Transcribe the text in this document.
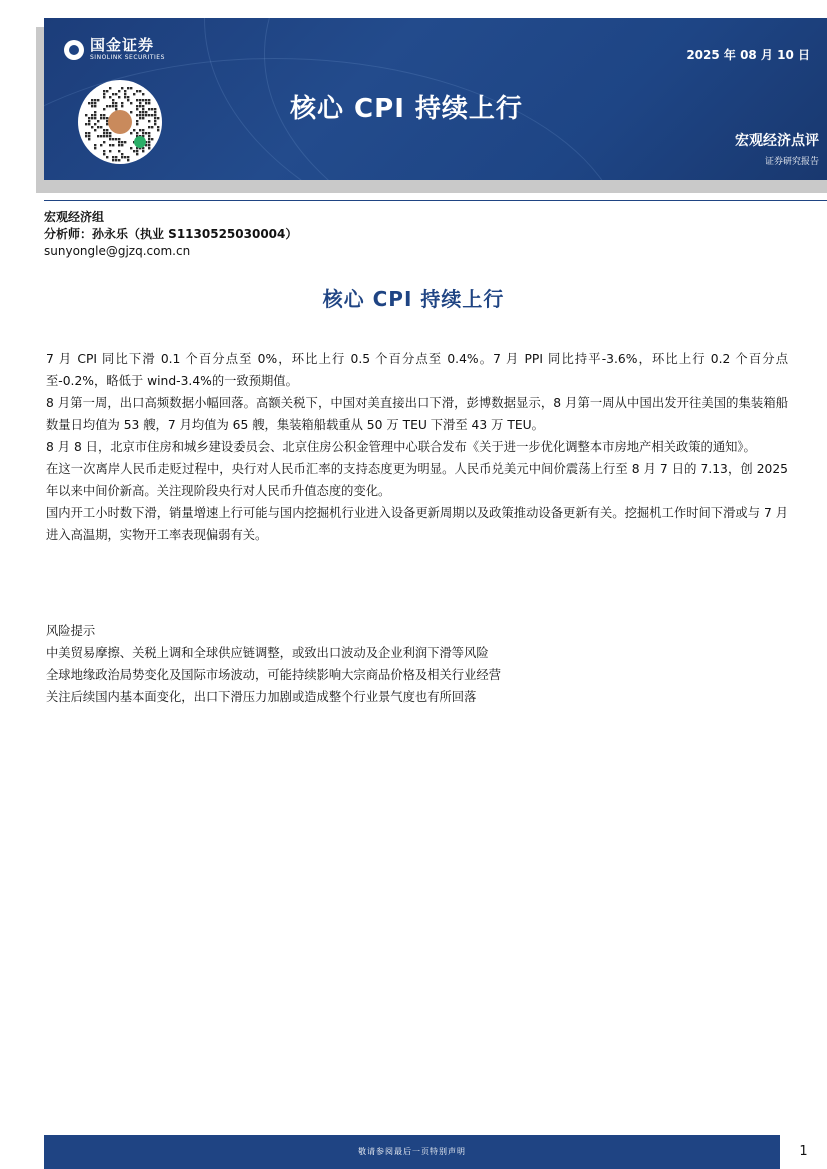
国金证券
SINOLINK SECURITIES	2025 年 08 月 10 日
核心 CPI 持续上行
宏观经济点评
证券研究报告
宏观经济组
分析师：孙永乐（执业 S1130525030004）
sunyongle@gjzq.com.cn
核心 CPI 持续上行

7 月 CPI 同比下滑 0.1 个百分点至 0%，环比上行 0.5 个百分点至 0.4%。7 月 PPI 同比持平-3.6%，环比上行 0.2 个百分点至-0.2%，略低于 wind-3.4%的一致预期值。

8 月第一周，出口高频数据小幅回落。高额关税下，中国对美直接出口下滑，彭博数据显示，8 月第一周从中国出发开往美国的集装箱船数量日均值为 53 艘，7 月均值为 65 艘，集装箱船载重从 50 万 TEU 下滑至 43 万 TEU。

8 月 8 日，北京市住房和城乡建设委员会、北京住房公积金管理中心联合发布《关于进一步优化调整本市房地产相关政策的通知》。

在这一次离岸人民币走贬过程中，央行对人民币汇率的支持态度更为明显。人民币兑美元中间价震荡上行至 8 月 7 日的 7.13，创 2025 年以来中间价新高。关注现阶段央行对人民币升值态度的变化。

国内开工小时数下滑，销量增速上行可能与国内挖掘机行业进入设备更新周期以及政策推动设备更新有关。挖掘机工作时间下滑或与 7 月进入高温期，实物开工率表现偏弱有关。

风险提示

中美贸易摩擦、关税上调和全球供应链调整，或致出口波动及企业利润下滑等风险

全球地缘政治局势变化及国际市场波动，可能持续影响大宗商品价格及相关行业经营

关注后续国内基本面变化，出口下滑压力加剧或造成整个行业景气度也有所回落

敬请参阅最后一页特别声明	1
